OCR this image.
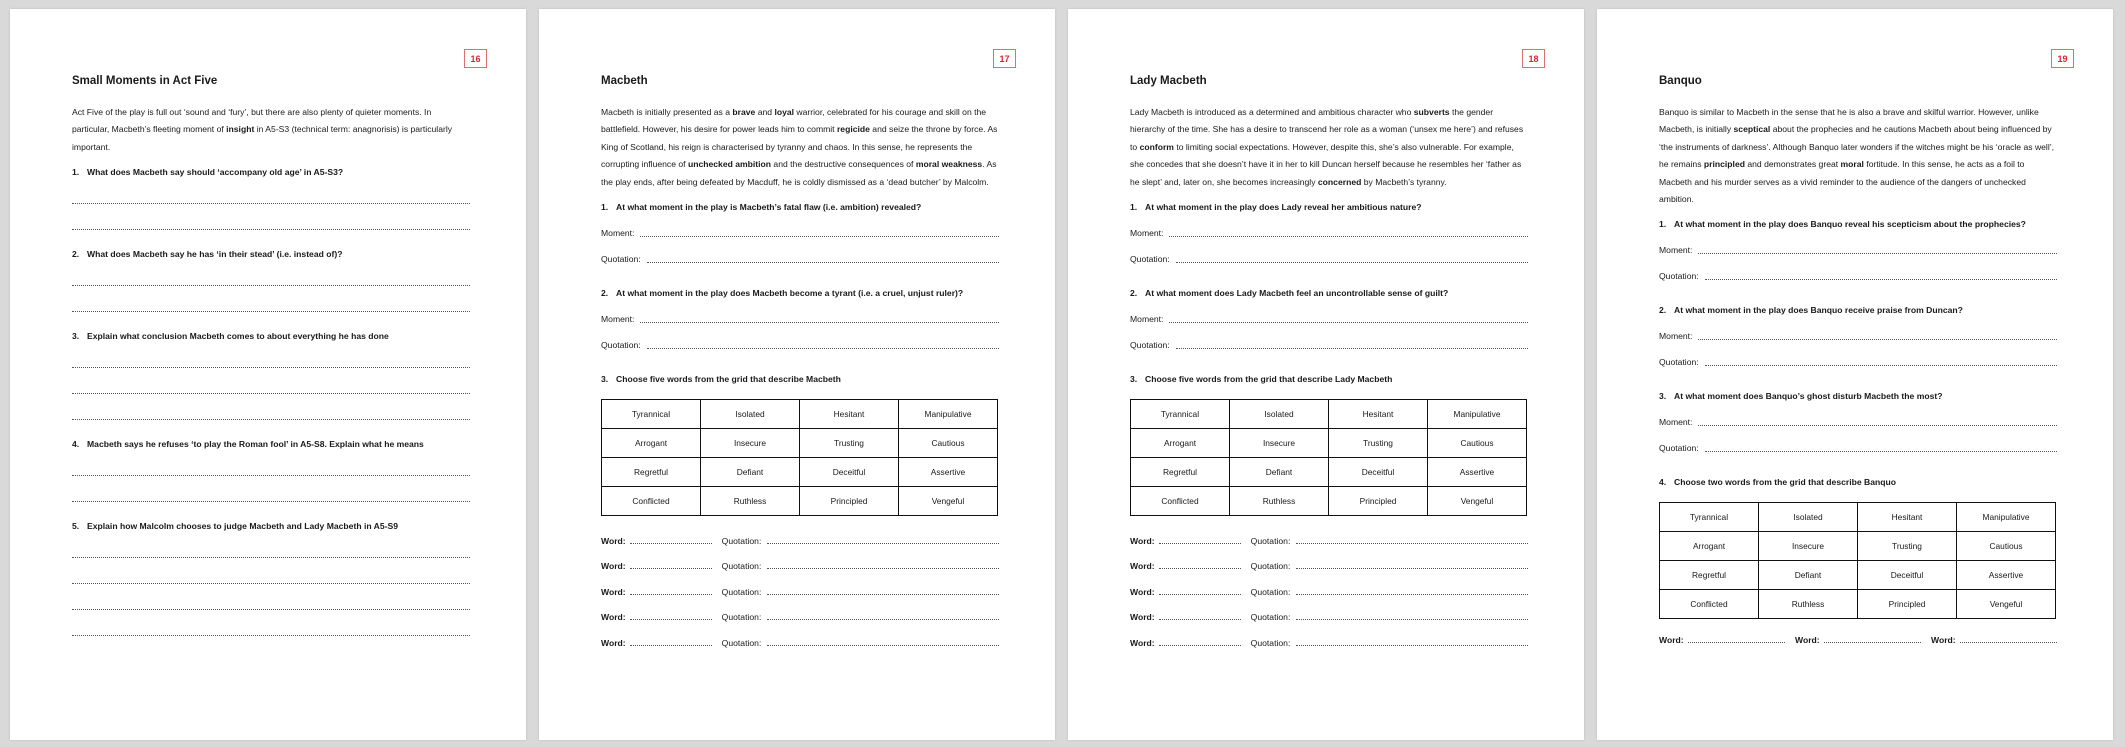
16
Small Moments in Act Five
Act Five of the play is full out ‘sound and ‘fury’, but there are also plenty of quieter moments. In particular, Macbeth’s fleeting moment of insight in A5-S3 (technical term: anagnorisis) is particularly important.
1. What does Macbeth say should ‘accompany old age’ in A5-S3?
2. What does Macbeth say he has ‘in their stead’ (i.e. instead of)?
3. Explain what conclusion Macbeth comes to about everything he has done
4. Macbeth says he refuses ‘to play the Roman fool’ in A5-S8. Explain what he means
5. Explain how Malcolm chooses to judge Macbeth and Lady Macbeth in A5-S9
17
Macbeth
Macbeth is initially presented as a brave and loyal warrior, celebrated for his courage and skill on the battlefield. However, his desire for power leads him to commit regicide and seize the throne by force. As King of Scotland, his reign is characterised by tyranny and chaos. In this sense, he represents the corrupting influence of unchecked ambition and the destructive consequences of moral weakness. As the play ends, after being defeated by Macduff, he is coldly dismissed as a ‘dead butcher’ by Malcolm.
1. At what moment in the play is Macbeth’s fatal flaw (i.e. ambition) revealed?
Moment:
Quotation:
2. At what moment in the play does Macbeth become a tyrant (i.e. a cruel, unjust ruler)?
Moment:
Quotation:
3. Choose five words from the grid that describe Macbeth
Tyrannical	Isolated	Hesitant	Manipulative
Arrogant	Insecure	Trusting	Cautious
Regretful	Defiant	Deceitful	Assertive
Conflicted	Ruthless	Principled	Vengeful
Word:	Quotation:
Word:	Quotation:
Word:	Quotation:
Word:	Quotation:
Word:	Quotation:
18
Lady Macbeth
Lady Macbeth is introduced as a determined and ambitious character who subverts the gender hierarchy of the time. She has a desire to transcend her role as a woman (‘unsex me here’) and refuses to conform to limiting social expectations. However, despite this, she’s also vulnerable. For example, she concedes that she doesn’t have it in her to kill Duncan herself because he resembles her ‘father as he slept’ and, later on, she becomes increasingly concerned by Macbeth’s tyranny.
1. At what moment in the play does Lady reveal her ambitious nature?
Moment:
Quotation:
2. At what moment does Lady Macbeth feel an uncontrollable sense of guilt?
Moment:
Quotation:
3. Choose five words from the grid that describe Lady Macbeth
Tyrannical	Isolated	Hesitant	Manipulative
Arrogant	Insecure	Trusting	Cautious
Regretful	Defiant	Deceitful	Assertive
Conflicted	Ruthless	Principled	Vengeful
Word:	Quotation:
Word:	Quotation:
Word:	Quotation:
Word:	Quotation:
Word:	Quotation:
19
Banquo
Banquo is similar to Macbeth in the sense that he is also a brave and skilful warrior. However, unlike Macbeth, is initially sceptical about the prophecies and he cautions Macbeth about being influenced by ‘the instruments of darkness’. Although Banquo later wonders if the witches might be his ‘oracle as well’, he remains principled and demonstrates great moral fortitude. In this sense, he acts as a foil to Macbeth and his murder serves as a vivid reminder to the audience of the dangers of unchecked ambition.
1. At what moment in the play does Banquo reveal his scepticism about the prophecies?
Moment:
Quotation:
2. At what moment in the play does Banquo receive praise from Duncan?
Moment:
Quotation:
3. At what moment does Banquo’s ghost disturb Macbeth the most?
Moment:
Quotation:
4. Choose two words from the grid that describe Banquo
Tyrannical	Isolated	Hesitant	Manipulative
Arrogant	Insecure	Trusting	Cautious
Regretful	Defiant	Deceitful	Assertive
Conflicted	Ruthless	Principled	Vengeful
Word:	Word:	Word:
